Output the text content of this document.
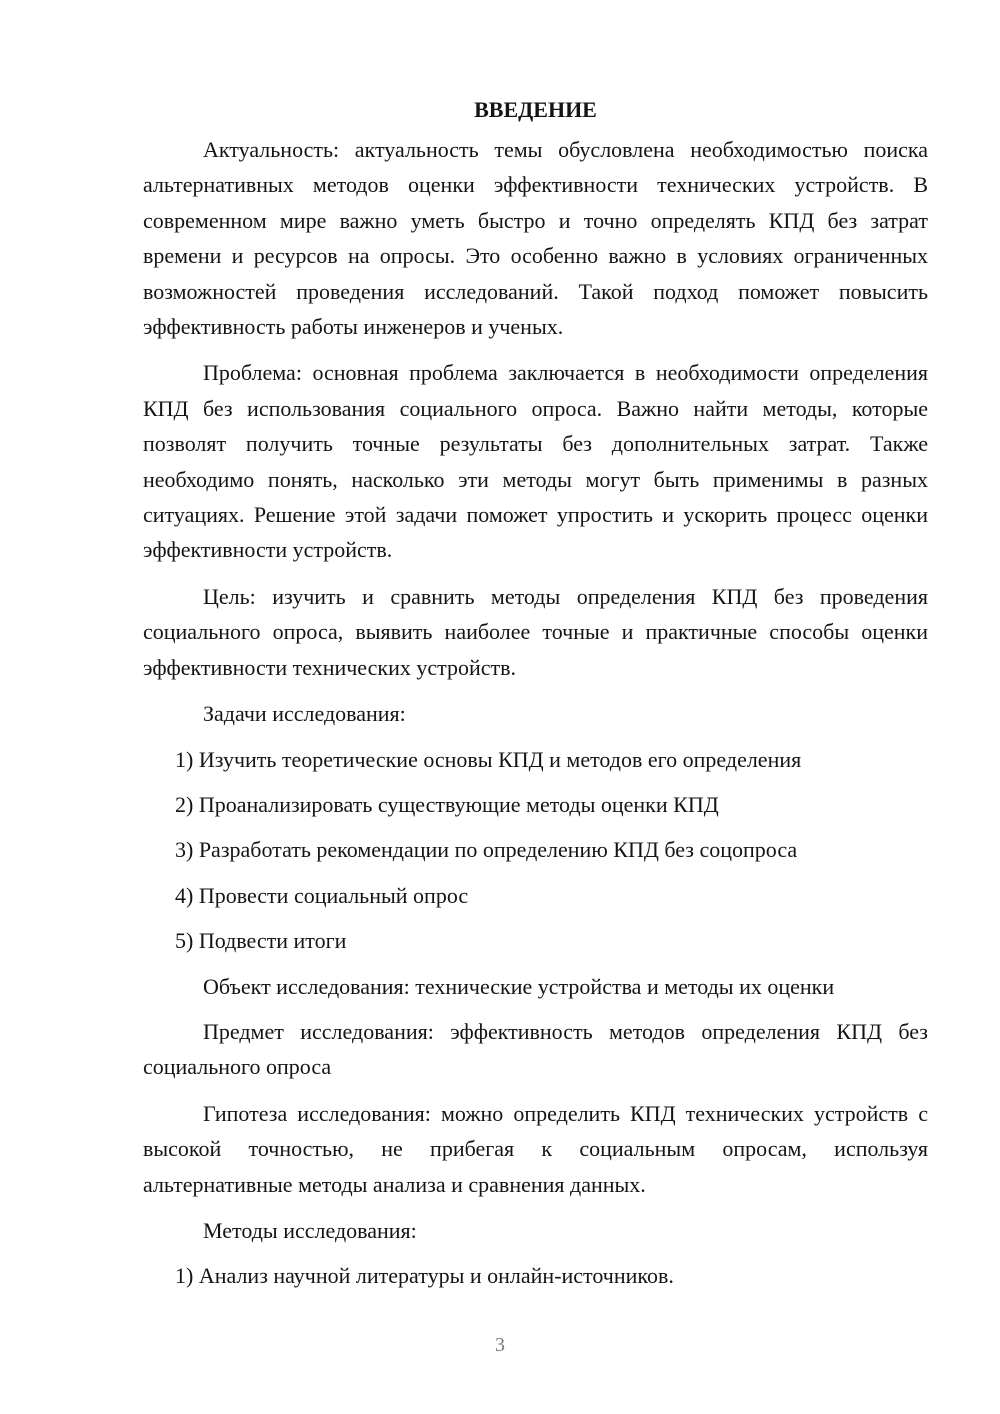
ВВЕДЕНИЕ

Актуальность: актуальность темы обусловлена необходимостью поиска альтернативных методов оценки эффективности технических устройств. В современном мире важно уметь быстро и точно определять КПД без затрат времени и ресурсов на опросы. Это особенно важно в условиях ограниченных возможностей проведения исследований. Такой подход поможет повысить эффективность работы инженеров и ученых.

Проблема: основная проблема заключается в необходимости определения КПД без использования социального опроса. Важно найти методы, которые позволят получить точные результаты без дополнительных затрат. Также необходимо понять, насколько эти методы могут быть применимы в разных ситуациях. Решение этой задачи поможет упростить и ускорить процесс оценки эффективности устройств.

Цель: изучить и сравнить методы определения КПД без проведения социального опроса, выявить наиболее точные и практичные способы оценки эффективности технических устройств.

Задачи исследования:

1) Изучить теоретические основы КПД и методов его определения
2) Проанализировать существующие методы оценки КПД
3) Разработать рекомендации по определению КПД без соцопроса
4) Провести социальный опрос
5) Подвести итоги

Объект исследования: технические устройства и методы их оценки

Предмет исследования: эффективность методов определения КПД без социального опроса

Гипотеза исследования: можно определить КПД технических устройств с высокой точностью, не прибегая к социальным опросам, используя альтернативные методы анализа и сравнения данных.

Методы исследования:

1) Анализ научной литературы и онлайн-источников.
3
